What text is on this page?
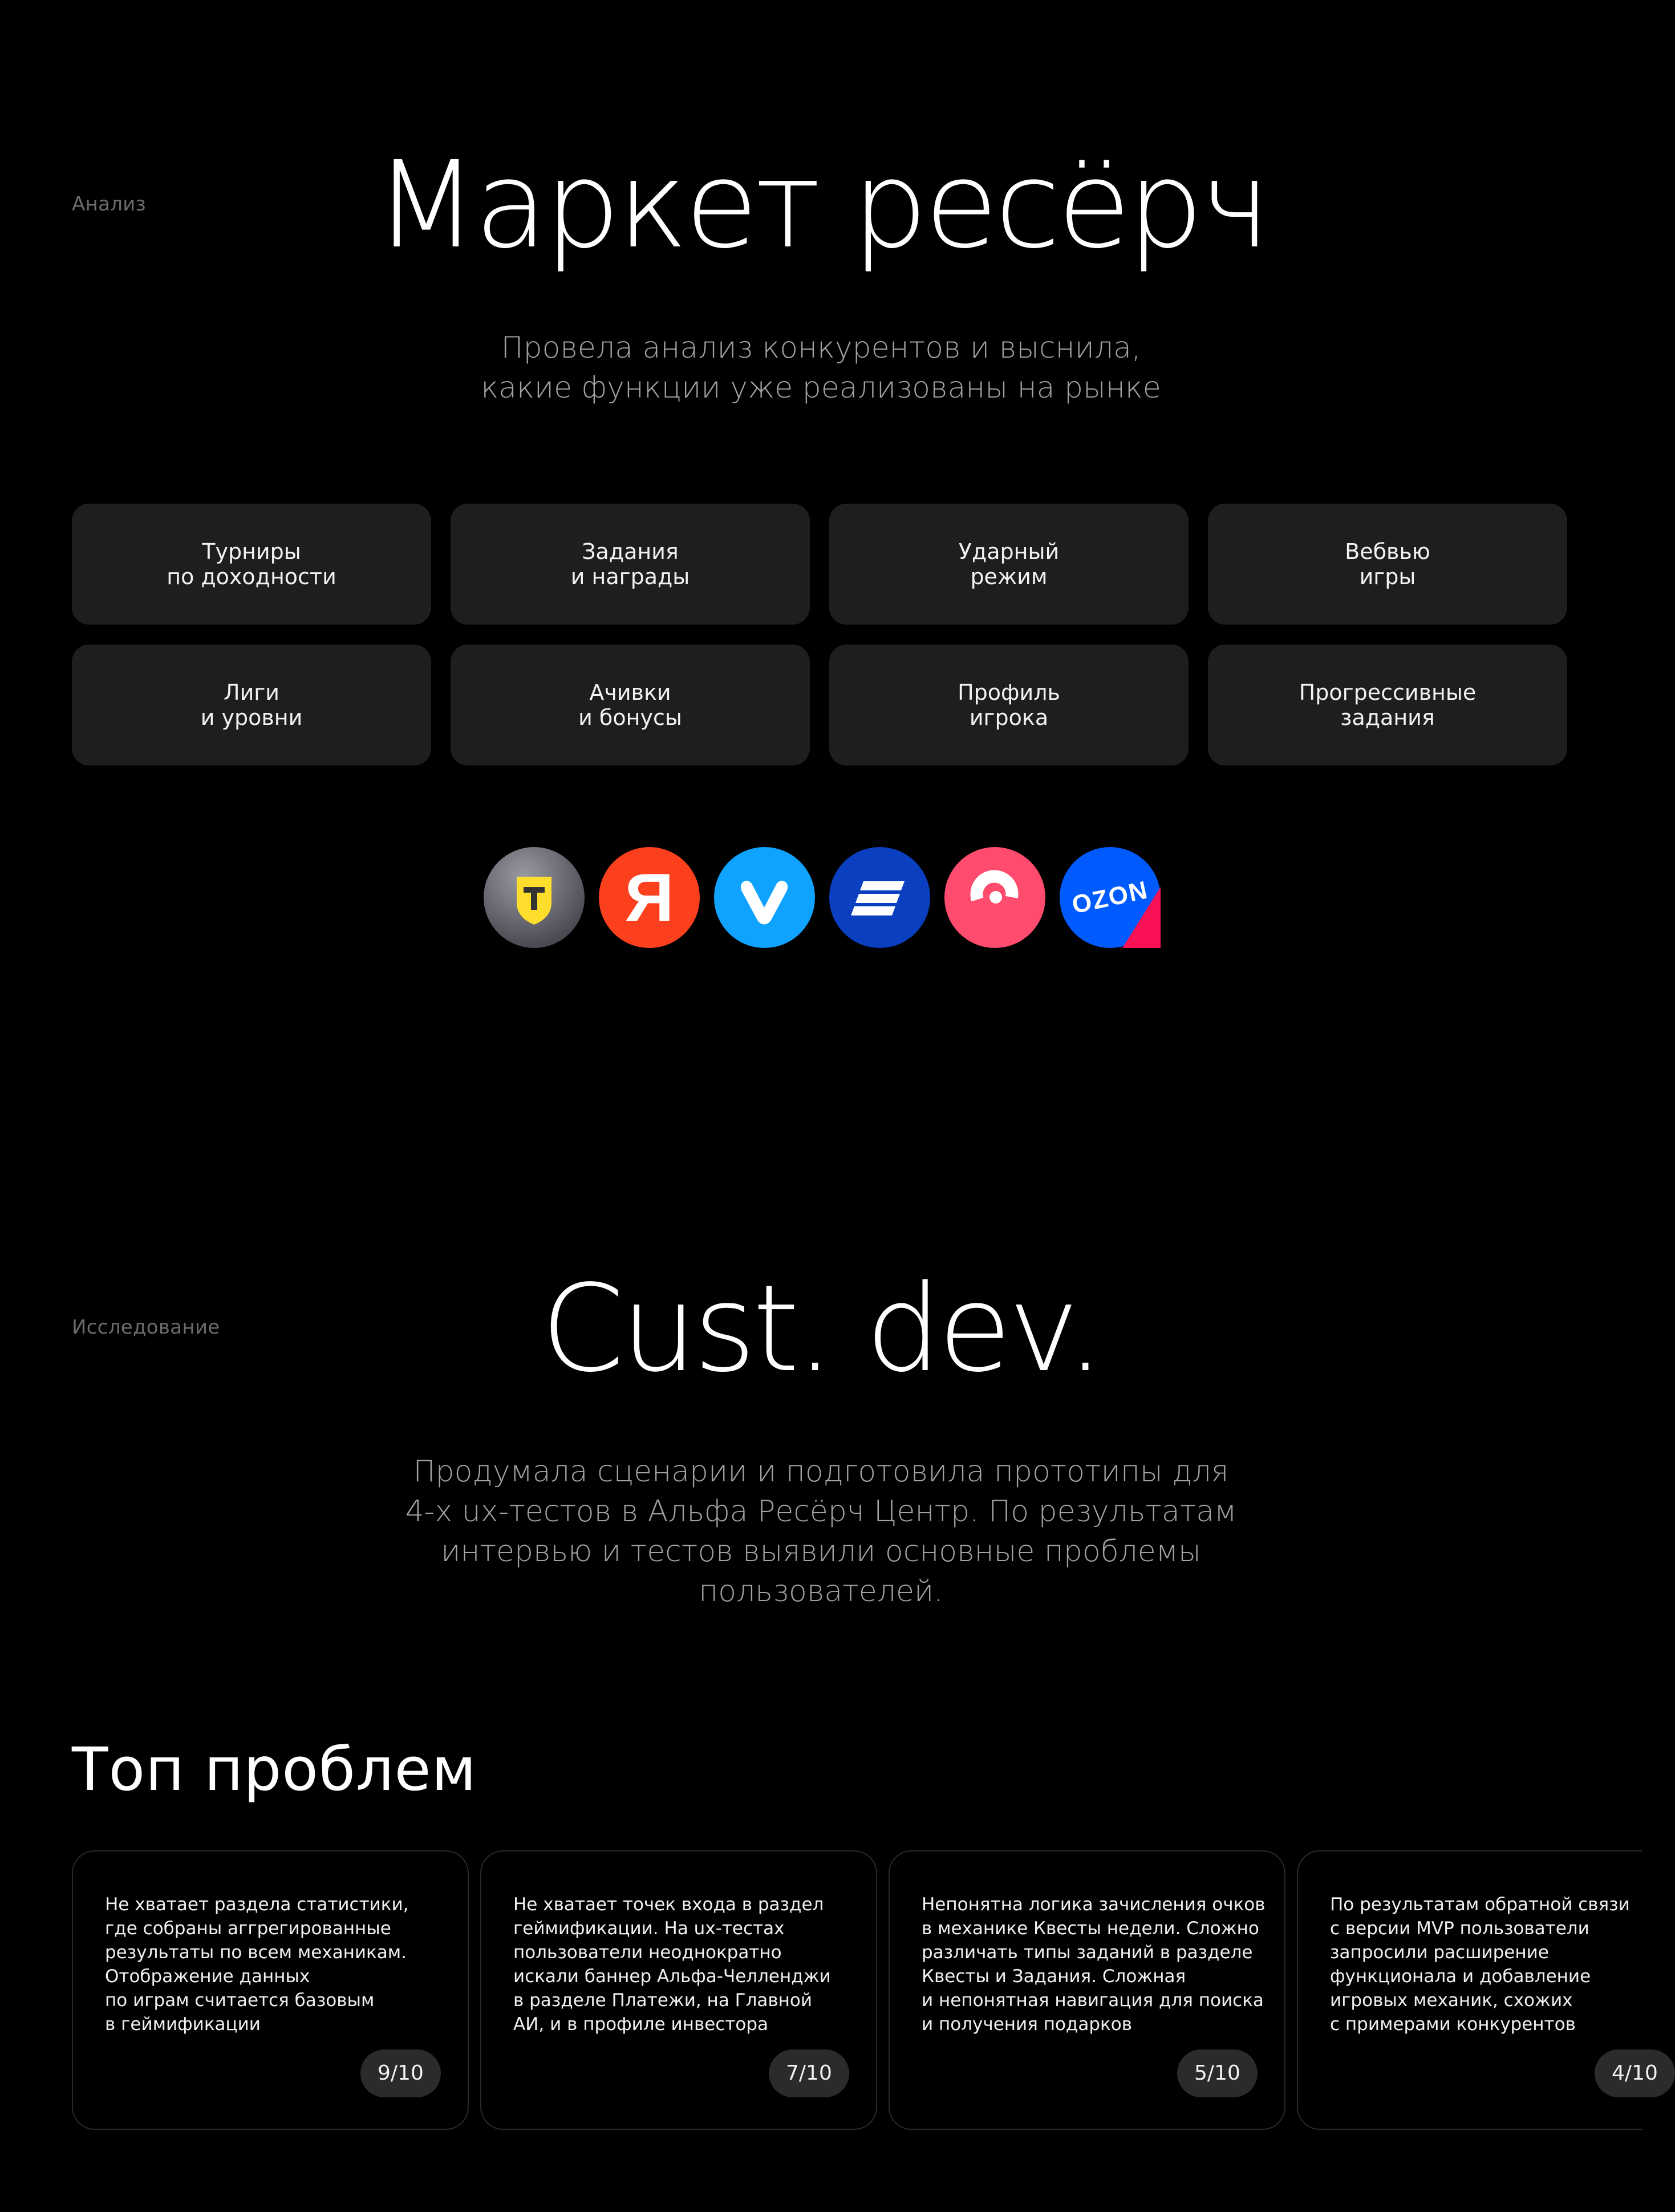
Анализ	Маркет ресёрч
Провела анализ конкурентов и выснила,
какие функции уже реализованы на рынке
Турниры
по доходности
Задания
и награды
Ударный
режим
Вебвью
игры
Лиги
и уровни
Ачивки
и бонусы
Профиль
игрока
Прогрессивные
задания
Я	OZON
Исследование	Cust. dev.
Продумала сценарии и подготовила прототипы для
4-х ux-тестов в Альфа Ресёрч Центр. По результатам
интервью и тестов выявили основные проблемы
пользователей.
Топ проблем
Не хватает раздела статистики,
где собраны аггрегированные
результаты по всем механикам.
Отображение данных
по играм считается базовым
в геймификации
9/10
Не хватает точек входа в раздел
геймификации. На ux-тестах
пользователи неоднократно
искали баннер Альфа-Челленджи
в разделе Платежи, на Главной
АИ, и в профиле инвестора
7/10
Непонятна логика зачисления очков
в механике Квесты недели. Сложно
различать типы заданий в разделе
Квесты и Задания. Сложная
и непонятная навигация для поиска
и получения подарков
5/10
По результатам обратной связи
с версии MVP пользователи
запросили расширение
функционала и добавление
игровых механик, схожих
с примерами конкурентов
4/10
